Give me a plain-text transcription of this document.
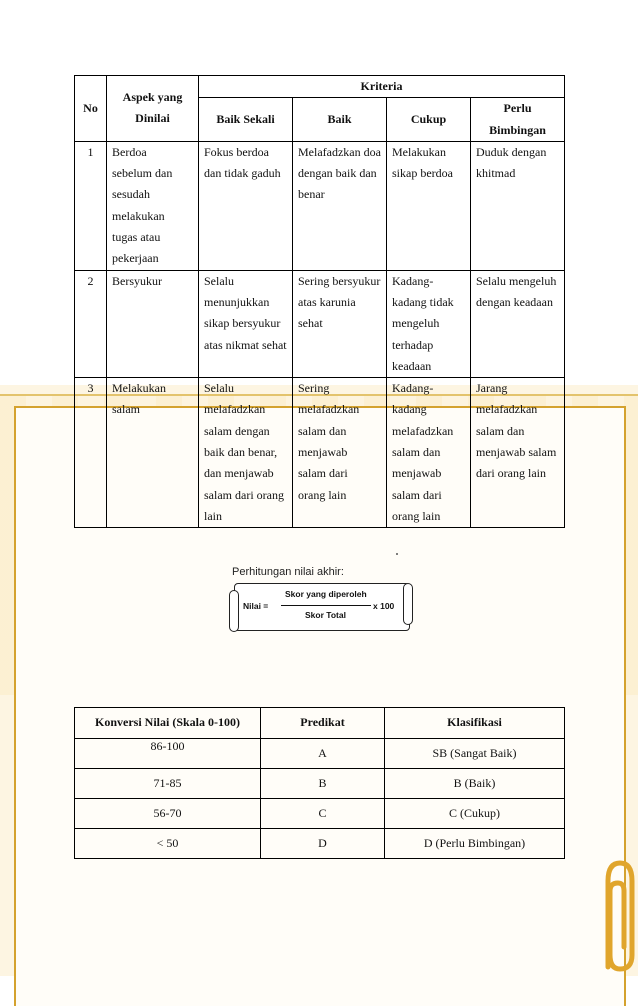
No	Aspek yang Dinilai	Kriteria			
		Baik Sekali	Baik	Cukup	Perlu Bimbingan
1	Berdoa sebelum dan sesudah melakukan tugas atau pekerjaan	Fokus berdoa dan tidak gaduh	Melafadzkan doa dengan baik dan benar	Melakukan sikap berdoa	Duduk dengan khitmad
2	Bersyukur	Selalu menunjukkan sikap bersyukur atas nikmat sehat	Sering bersyukur atas karunia sehat	Kadang-kadang tidak mengeluh terhadap keadaan	Selalu mengeluh dengan keadaan
3	Melakukan salam	Selalu melafadzkan salam dengan baik dan benar, dan menjawab salam dari orang lain	Sering melafadzkan salam dan menjawab salam dari orang lain	Kadang-kadang melafadzkan salam dan menjawab salam dari orang lain	Jarang melafadzkan salam dan menjawab salam dari orang lain
Perhitungan nilai akhir:
Nilai =
Skor yang diperoleh
Skor Total
x 100
Konversi Nilai (Skala 0-100)	Predikat	Klasifikasi
86-100	A	SB (Sangat Baik)
71-85	B	B (Baik)
56-70	C	C (Cukup)
< 50	D	D (Perlu Bimbingan)
